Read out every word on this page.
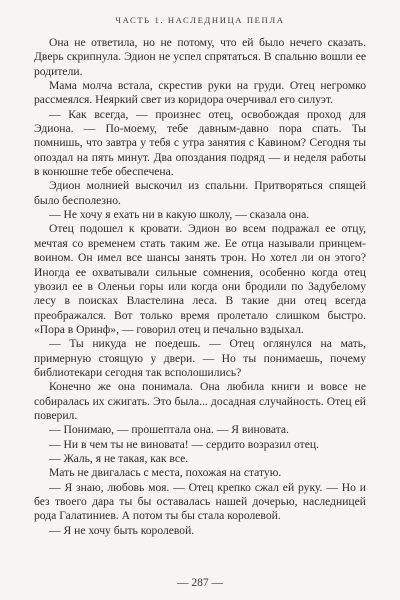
ЧАСТЬ 1. НАСЛЕДНИЦА ПЕПЛА

Она не ответила, но не потому, что ей было нечего сказать. Дверь скрипнула. Эдион не успел спрятаться. В спальню вошли ее родители.

Мама молча встала, скрестив руки на груди. Отец негромко рассмеялся. Неяркий свет из коридора очерчивал его силуэт.

— Как всегда, — произнес отец, освобождая проход для Эдиона. — По-моему, тебе давным-давно пора спать. Ты помнишь, что завтра у тебя с утра занятия с Кавином? Сегодня ты опоздал на пять минут. Два опоздания подряд — и неделя работы в конюшне тебе обеспечена.

Эдион молнией выскочил из спальни. Притворяться спящей было бесполезно.

— Не хочу я ехать ни в какую школу, — сказала она.

Отец подошел к кровати. Эдион во всем подражал ее отцу, мечтая со временем стать таким же. Ее отца называли принцем-воином. Он имел все шансы занять трон. Но хотел ли он этого? Иногда ее охватывали сильные сомнения, особенно когда отец увозил ее в Оленьи горы или когда они бродили по Задубелому лесу в поисках Властелина леса. В такие дни отец всегда преображался. Вот только время пролетало слишком быстро. «Пора в Оринф», — говорил отец и печально вздыхал.

— Ты никуда не поедешь. — Отец оглянулся на мать, примерную стоящую у двери. — Но ты понимаешь, почему библиотекари сегодня так всполошились?

Конечно же она понимала. Она любила книги и вовсе не собиралась их сжигать. Это была... досадная случайность. Отец ей поверил.

— Понимаю, — прошептала она. — Я виновата.

— Ни в чем ты не виновата! — сердито возразил отец.

— Жаль, я не такая, как все.

Мать не двигалась с места, похожая на статую.

— Я знаю, любовь моя. — Отец крепко сжал ей руку. — Но и без твоего дара ты бы оставалась нашей дочерью, наследницей рода Галатиниев. А потом ты бы стала королевой.

— Я не хочу быть королевой.

— 287 —
